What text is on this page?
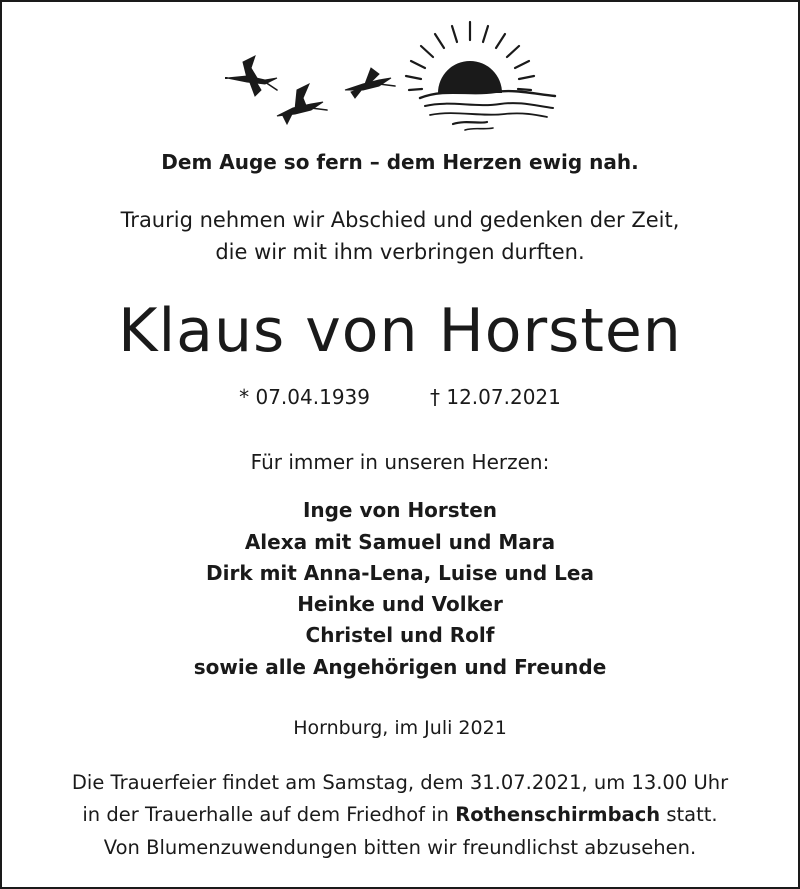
Dem Auge so fern – dem Herzen ewig nah.
Traurig nehmen wir Abschied und gedenken der Zeit,
die wir mit ihm verbringen durften.
Klaus von Horsten
* 07.04.1939	† 12.07.2021
Für immer in unseren Herzen:
Inge von Horsten
Alexa mit Samuel und Mara
Dirk mit Anna-Lena, Luise und Lea
Heinke und Volker
Christel und Rolf
sowie alle Angehörigen und Freunde
Hornburg, im Juli 2021
Die Trauerfeier findet am Samstag, dem 31.07.2021, um 13.00 Uhr
in der Trauerhalle auf dem Friedhof in Rothenschirmbach statt.
Von Blumenzuwendungen bitten wir freundlichst abzusehen.
